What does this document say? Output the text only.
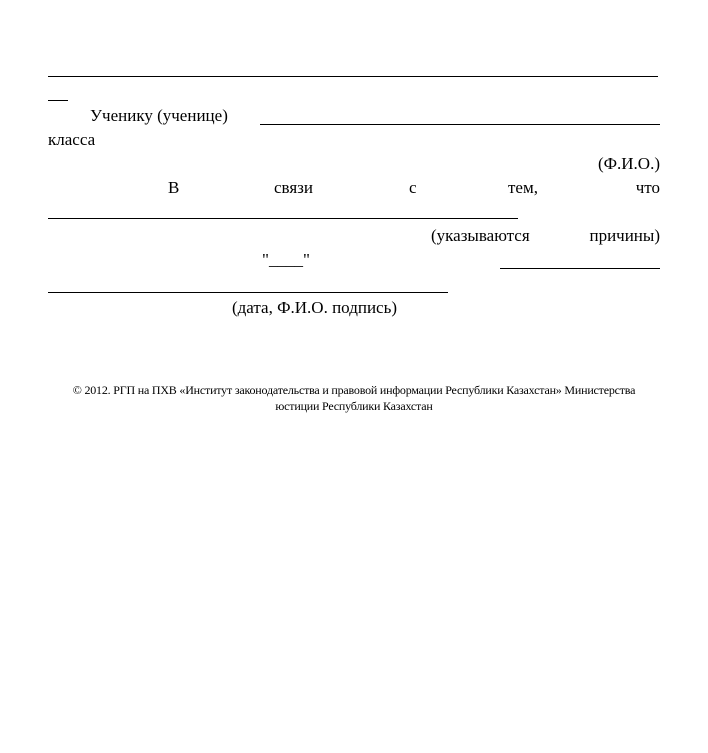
Ученику (ученице)
класса
(Ф.И.О.)
В	связи	с	тем,	что
(указываются	причины)
"____"
(дата, Ф.И.О. подпись)
© 2012. РГП на ПХВ «Институт законодательства и правовой информации Республики Казахстан» Министерства
юстиции Республики Казахстан
